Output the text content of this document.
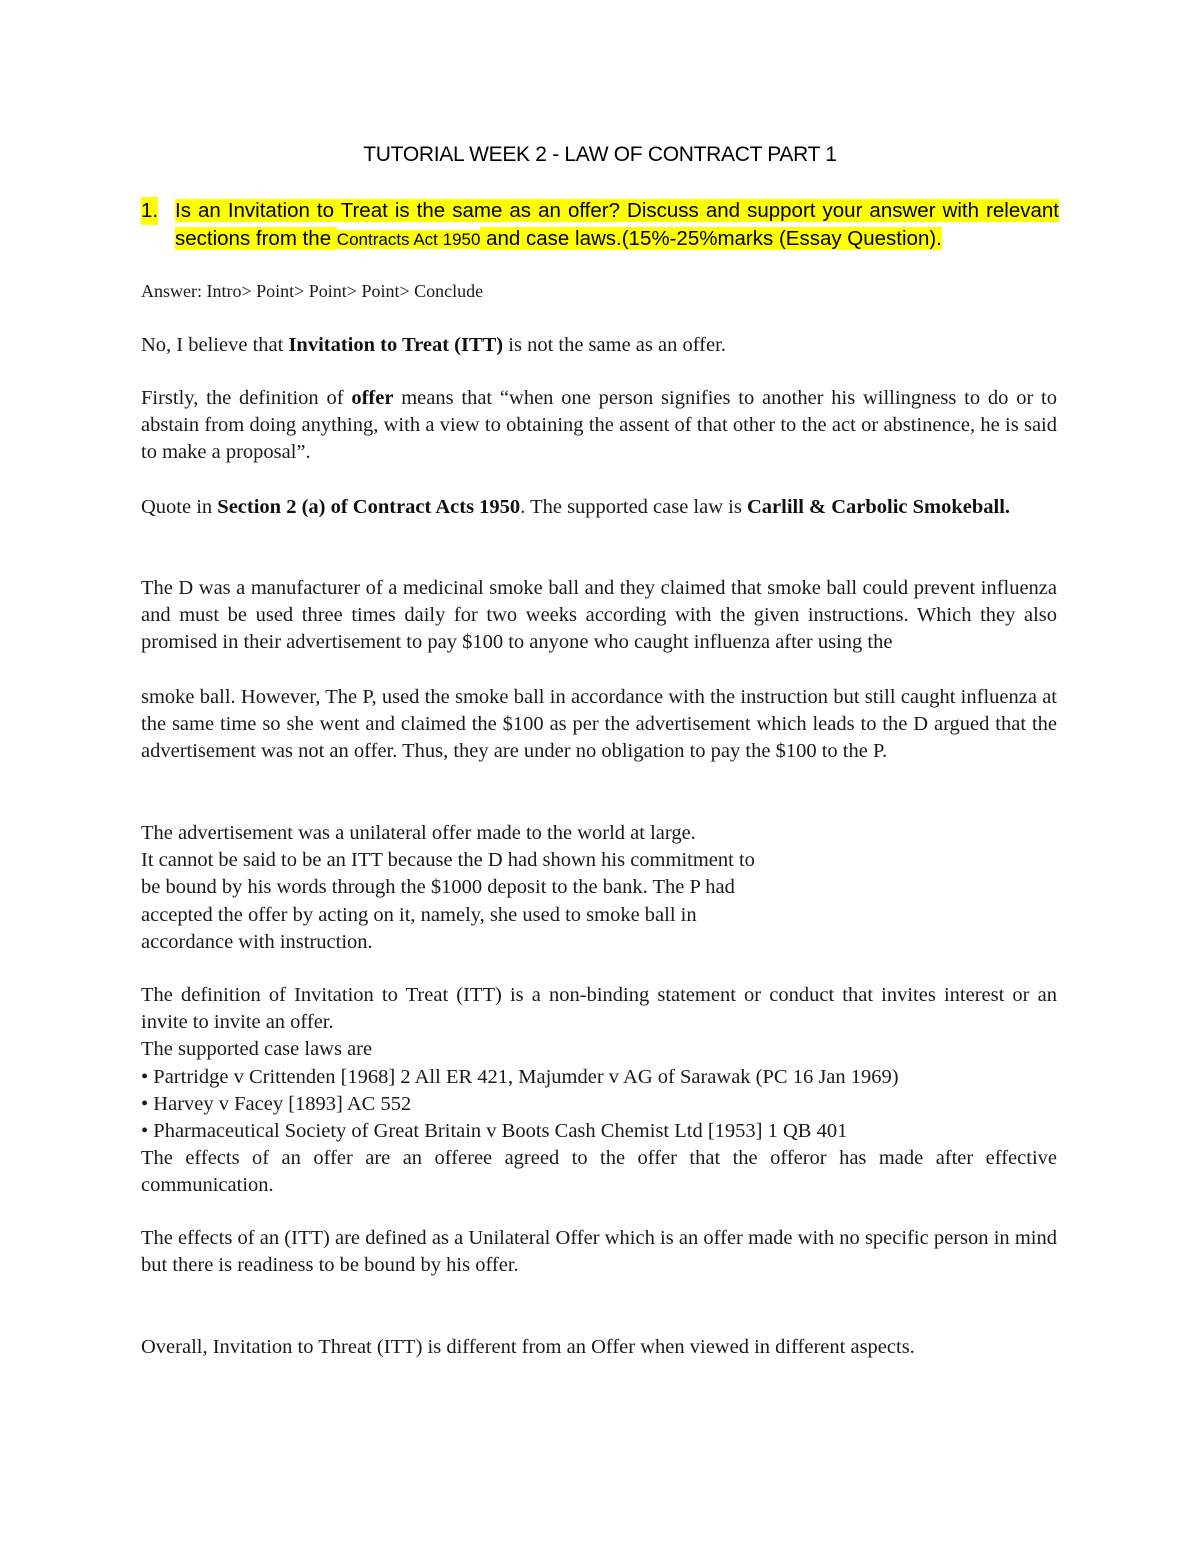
TUTORIAL WEEK 2 - LAW OF CONTRACT PART 1
1. Is an Invitation to Treat is the same as an offer? Discuss and support your answer with relevant sections from the Contracts Act 1950 and case laws.(15%-25%marks (Essay Question).
Answer: Intro> Point> Point> Point> Conclude
No, I believe that Invitation to Treat (ITT) is not the same as an offer.
Firstly, the definition of offer means that “when one person signifies to another his willingness to do or to abstain from doing anything, with a view to obtaining the assent of that other to the act or abstinence, he is said to make a proposal”.
Quote in Section 2 (a) of Contract Acts 1950. The supported case law is Carlill & Carbolic Smokeball.
The D was a manufacturer of a medicinal smoke ball and they claimed that smoke ball could prevent influenza and must be used three times daily for two weeks according with the given instructions. Which they also promised in their advertisement to pay $100 to anyone who caught influenza after using the
smoke ball. However, The P, used the smoke ball in accordance with the instruction but still caught influenza at the same time so she went and claimed the $100 as per the advertisement which leads to the D argued that the advertisement was not an offer. Thus, they are under no obligation to pay the $100 to the P.
The advertisement was a unilateral offer made to the world at large.
It cannot be said to be an ITT because the D had shown his commitment to
be bound by his words through the $1000 deposit to the bank. The P had
accepted the offer by acting on it, namely, she used to smoke ball in
accordance with instruction.
The definition of Invitation to Treat (ITT) is a non-binding statement or conduct that invites interest or an invite to invite an offer.
The supported case laws are
• Partridge v Crittenden [1968] 2 All ER 421, Majumder v AG of Sarawak (PC 16 Jan 1969)
• Harvey v Facey [1893] AC 552
• Pharmaceutical Society of Great Britain v Boots Cash Chemist Ltd [1953] 1 QB 401
The effects of an offer are an offeree agreed to the offer that the offeror has made after effective communication.
The effects of an (ITT) are defined as a Unilateral Offer which is an offer made with no specific person in mind but there is readiness to be bound by his offer.
Overall, Invitation to Threat (ITT) is different from an Offer when viewed in different aspects.
